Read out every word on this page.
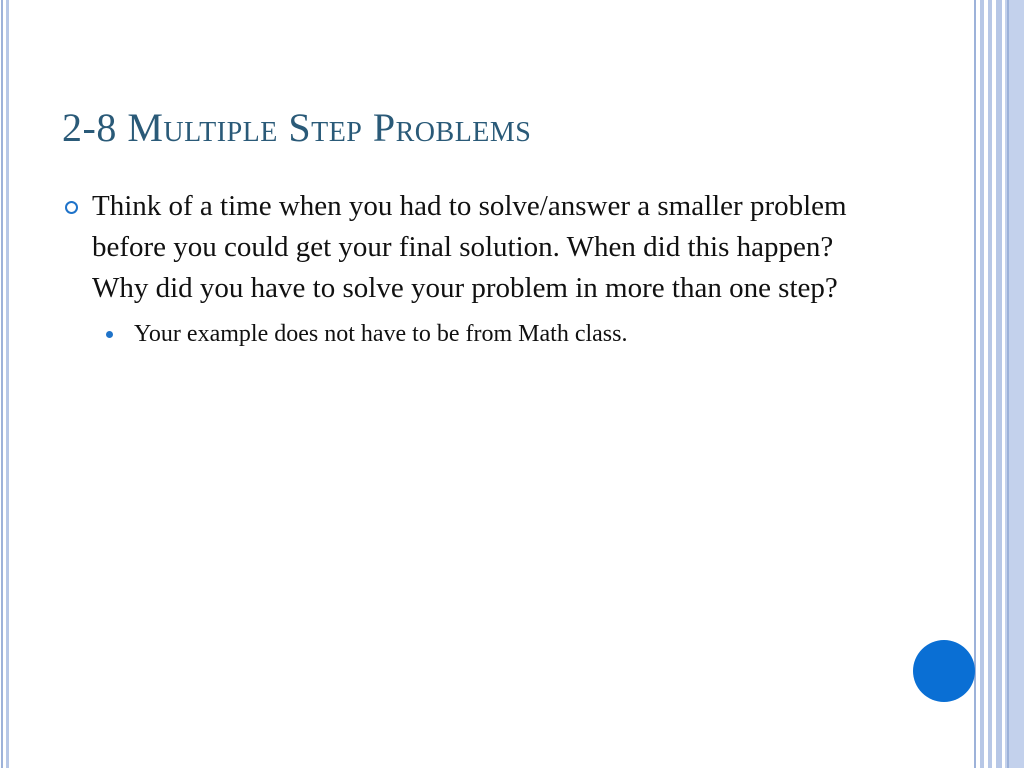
2-8 Multiple Step Problems

Think of a time when you had to solve/answer a smaller problem before you could get your final solution. When did this happen? Why did you have to solve your problem in more than one step?

Your example does not have to be from Math class.
